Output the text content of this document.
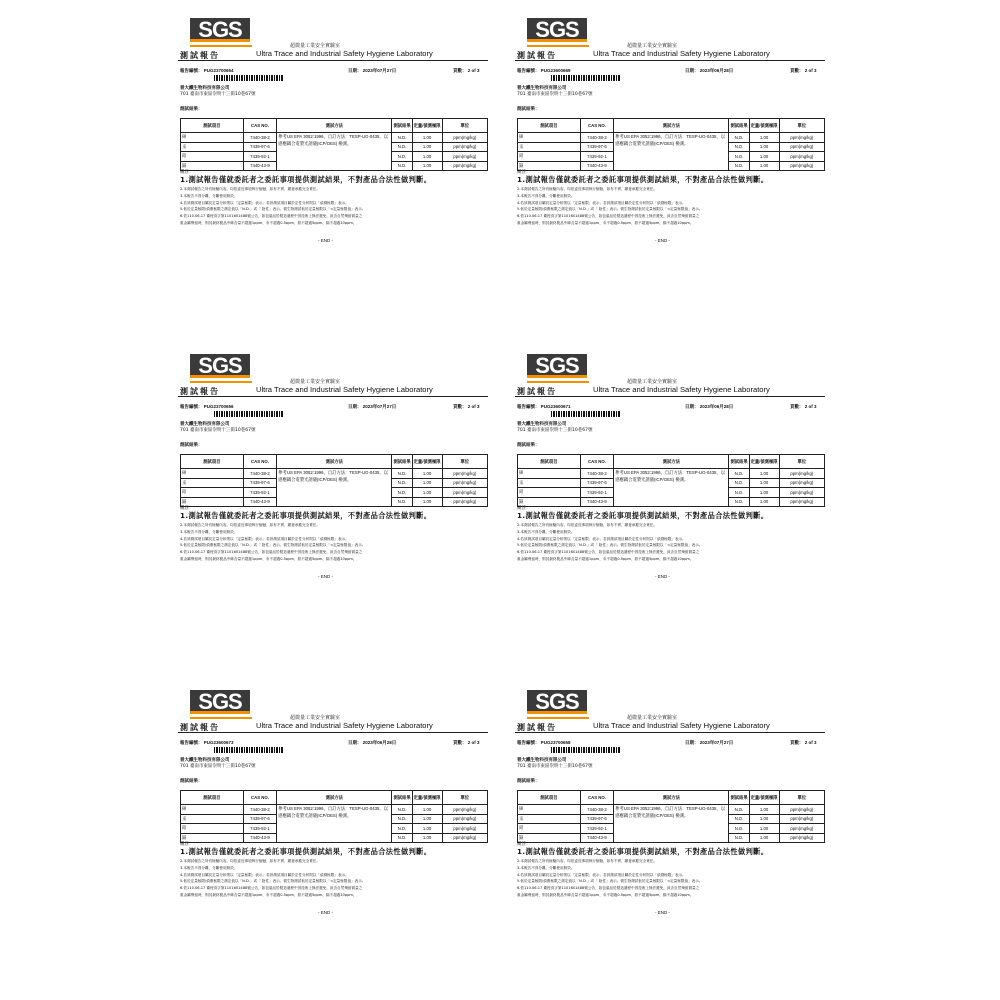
SGS
超微量工業安全實驗室
測試報告	Ultra Trace and Industrial Safety Hygiene Laboratory
報告編號： PUG23700654	日期： 2023年07月27日	頁數： 2 of 3
晉大鐵生物科技有限公司
701 臺南市東區崇明十三街10巷67號
測試結果：
測試項目	CAS NO.	測試方法	測試結果	定量/偵測極限	單位
砷	7440-38-2	參考US EPA 3052:1996，自訂方法：TESP-UG-0435，以感應耦合電漿光譜儀(ICP/OES) 檢測。	N.D.	1.00	ppm(mg/kg)
汞	7439-97-6		N.D.	1.00	ppm(mg/kg)
鉛	7439-92-1		N.D.	1.00	ppm(mg/kg)
鎘	7440-43-9		N.D.	1.00	ppm(mg/kg)
備註：
1.測試報告僅就委託者之委託事項提供測試結果，不對產品合法性做判斷。
2.本測試報告之所有檢驗內容，均依委託事項執行檢驗，如有不實，願意承擔完全責任。
3.本報告不得分離，分離使用無效。
4.若該測試項目屬於定量分析則以「定量極限」表示；若該測試項目屬於定性分析則以「偵測極限」表示。
5.低於定量極限/偵測極限之測定值以「N.D.」或「 陰性」表示。微生物測試低於定量極限以「<定量極限值」表示。
6.依110.06.17 衛授食字第1101601488號公告，如包裝品於製造過程中因技術上無法避免，致含自然殘留微量之
重金屬殘留時，則其最終製品中砷含量不超過1ppm、汞不超過0.5ppm、鉛不超過5ppm、鎘不超過10ppm。
- END -
SGS
超微量工業安全實驗室
測試報告	Ultra Trace and Industrial Safety Hygiene Laboratory
報告編號： PUG23600669	日期： 2023年06月28日	頁數： 2 of 3
晉大鐵生物科技有限公司
701 臺南市東區崇明十三街10巷67號
測試結果：
測試項目	CAS NO.	測試方法	測試結果	定量/偵測極限	單位
砷	7440-38-2	參考US EPA 3052:1996，自訂方法：TESP-UG-0435，以感應耦合電漿光譜儀(ICP/OES) 檢測。	N.D.	1.00	ppm(mg/kg)
汞	7439-97-6		N.D.	1.00	ppm(mg/kg)
鉛	7439-92-1		N.D.	1.00	ppm(mg/kg)
鎘	7440-43-9		N.D.	1.00	ppm(mg/kg)
備註：
1.測試報告僅就委託者之委託事項提供測試結果，不對產品合法性做判斷。
2.本測試報告之所有檢驗內容，均依委託事項執行檢驗，如有不實，願意承擔完全責任。
3.本報告不得分離，分離使用無效。
4.若該測試項目屬於定量分析則以「定量極限」表示；若該測試項目屬於定性分析則以「偵測極限」表示。
5.低於定量極限/偵測極限之測定值以「N.D.」或「 陰性」表示。微生物測試低於定量極限以「<定量極限值」表示。
6.依110.06.17 衛授食字第1101601488號公告，如包裝品於製造過程中因技術上無法避免，致含自然殘留微量之
重金屬殘留時，則其最終製品中砷含量不超過1ppm、汞不超過0.5ppm、鉛不超過5ppm、鎘不超過10ppm。
- END -
SGS
超微量工業安全實驗室
測試報告	Ultra Trace and Industrial Safety Hygiene Laboratory
報告編號： PUG23700656	日期： 2023年07月27日	頁數： 2 of 3
晉大鐵生物科技有限公司
701 臺南市東區崇明十三街10巷67號
測試結果：
測試項目	CAS NO.	測試方法	測試結果	定量/偵測極限	單位
砷	7440-38-2	參考US EPA 3052:1996，自訂方法：TESP-UG-0435，以感應耦合電漿光譜儀(ICP/OES) 檢測。	N.D.	1.00	ppm(mg/kg)
汞	7439-97-6		N.D.	1.00	ppm(mg/kg)
鉛	7439-92-1		N.D.	1.00	ppm(mg/kg)
鎘	7440-43-9		N.D.	1.00	ppm(mg/kg)
備註：
1.測試報告僅就委託者之委託事項提供測試結果，不對產品合法性做判斷。
2.本測試報告之所有檢驗內容，均依委託事項執行檢驗，如有不實，願意承擔完全責任。
3.本報告不得分離，分離使用無效。
4.若該測試項目屬於定量分析則以「定量極限」表示；若該測試項目屬於定性分析則以「偵測極限」表示。
5.低於定量極限/偵測極限之測定值以「N.D.」或「 陰性」表示。微生物測試低於定量極限以「<定量極限值」表示。
6.依110.06.17 衛授食字第1101601488號公告，如包裝品於製造過程中因技術上無法避免，致含自然殘留微量之
重金屬殘留時，則其最終製品中砷含量不超過1ppm、汞不超過0.5ppm、鉛不超過5ppm、鎘不超過10ppm。
- END -
SGS
超微量工業安全實驗室
測試報告	Ultra Trace and Industrial Safety Hygiene Laboratory
報告編號： PUG23600671	日期： 2023年06月28日	頁數： 2 of 3
晉大鐵生物科技有限公司
701 臺南市東區崇明十三街10巷67號
測試結果：
測試項目	CAS NO.	測試方法	測試結果	定量/偵測極限	單位
砷	7440-38-2	參考US EPA 3052:1996，自訂方法：TESP-UG-0435，以感應耦合電漿光譜儀(ICP/OES) 檢測。	N.D.	1.00	ppm(mg/kg)
汞	7439-97-6		N.D.	1.00	ppm(mg/kg)
鉛	7439-92-1		N.D.	1.00	ppm(mg/kg)
鎘	7440-43-9		N.D.	1.00	ppm(mg/kg)
備註：
1.測試報告僅就委託者之委託事項提供測試結果，不對產品合法性做判斷。
2.本測試報告之所有檢驗內容，均依委託事項執行檢驗，如有不實，願意承擔完全責任。
3.本報告不得分離，分離使用無效。
4.若該測試項目屬於定量分析則以「定量極限」表示；若該測試項目屬於定性分析則以「偵測極限」表示。
5.低於定量極限/偵測極限之測定值以「N.D.」或「 陰性」表示。微生物測試低於定量極限以「<定量極限值」表示。
6.依110.06.17 衛授食字第1101601488號公告，如包裝品於製造過程中因技術上無法避免，致含自然殘留微量之
重金屬殘留時，則其最終製品中砷含量不超過1ppm、汞不超過0.5ppm、鉛不超過5ppm、鎘不超過10ppm。
- END -
SGS
超微量工業安全實驗室
測試報告	Ultra Trace and Industrial Safety Hygiene Laboratory
報告編號： PUG23600673	日期： 2023年06月28日	頁數： 2 of 3
晉大鐵生物科技有限公司
701 臺南市東區崇明十三街10巷67號
測試結果：
測試項目	CAS NO.	測試方法	測試結果	定量/偵測極限	單位
砷	7440-38-2	參考US EPA 3052:1996，自訂方法：TESP-UG-0435，以感應耦合電漿光譜儀(ICP/OES) 檢測。	N.D.	1.00	ppm(mg/kg)
汞	7439-97-6		N.D.	1.00	ppm(mg/kg)
鉛	7439-92-1		N.D.	1.00	ppm(mg/kg)
鎘	7440-43-9		N.D.	1.00	ppm(mg/kg)
備註：
1.測試報告僅就委託者之委託事項提供測試結果，不對產品合法性做判斷。
2.本測試報告之所有檢驗內容，均依委託事項執行檢驗，如有不實，願意承擔完全責任。
3.本報告不得分離，分離使用無效。
4.若該測試項目屬於定量分析則以「定量極限」表示；若該測試項目屬於定性分析則以「偵測極限」表示。
5.低於定量極限/偵測極限之測定值以「N.D.」或「 陰性」表示。微生物測試低於定量極限以「<定量極限值」表示。
6.依110.06.17 衛授食字第1101601488號公告，如包裝品於製造過程中因技術上無法避免，致含自然殘留微量之
重金屬殘留時，則其最終製品中砷含量不超過1ppm、汞不超過0.5ppm、鉛不超過5ppm、鎘不超過10ppm。
- END -
SGS
超微量工業安全實驗室
測試報告	Ultra Trace and Industrial Safety Hygiene Laboratory
報告編號： PUG23700658	日期： 2023年07月27日	頁數： 2 of 3
晉大鐵生物科技有限公司
701 臺南市東區崇明十三街10巷67號
測試結果：
測試項目	CAS NO.	測試方法	測試結果	定量/偵測極限	單位
砷	7440-38-2	參考US EPA 3052:1996，自訂方法：TESP-UG-0435，以感應耦合電漿光譜儀(ICP/OES) 檢測。	N.D.	1.00	ppm(mg/kg)
汞	7439-97-6		N.D.	1.00	ppm(mg/kg)
鉛	7439-92-1		N.D.	1.00	ppm(mg/kg)
鎘	7440-43-9		N.D.	1.00	ppm(mg/kg)
備註：
1.測試報告僅就委託者之委託事項提供測試結果，不對產品合法性做判斷。
2.本測試報告之所有檢驗內容，均依委託事項執行檢驗，如有不實，願意承擔完全責任。
3.本報告不得分離，分離使用無效。
4.若該測試項目屬於定量分析則以「定量極限」表示；若該測試項目屬於定性分析則以「偵測極限」表示。
5.低於定量極限/偵測極限之測定值以「N.D.」或「 陰性」表示。微生物測試低於定量極限以「<定量極限值」表示。
6.依110.06.17 衛授食字第1101601488號公告，如包裝品於製造過程中因技術上無法避免，致含自然殘留微量之
重金屬殘留時，則其最終製品中砷含量不超過1ppm、汞不超過0.5ppm、鉛不超過5ppm、鎘不超過10ppm。
- END -
